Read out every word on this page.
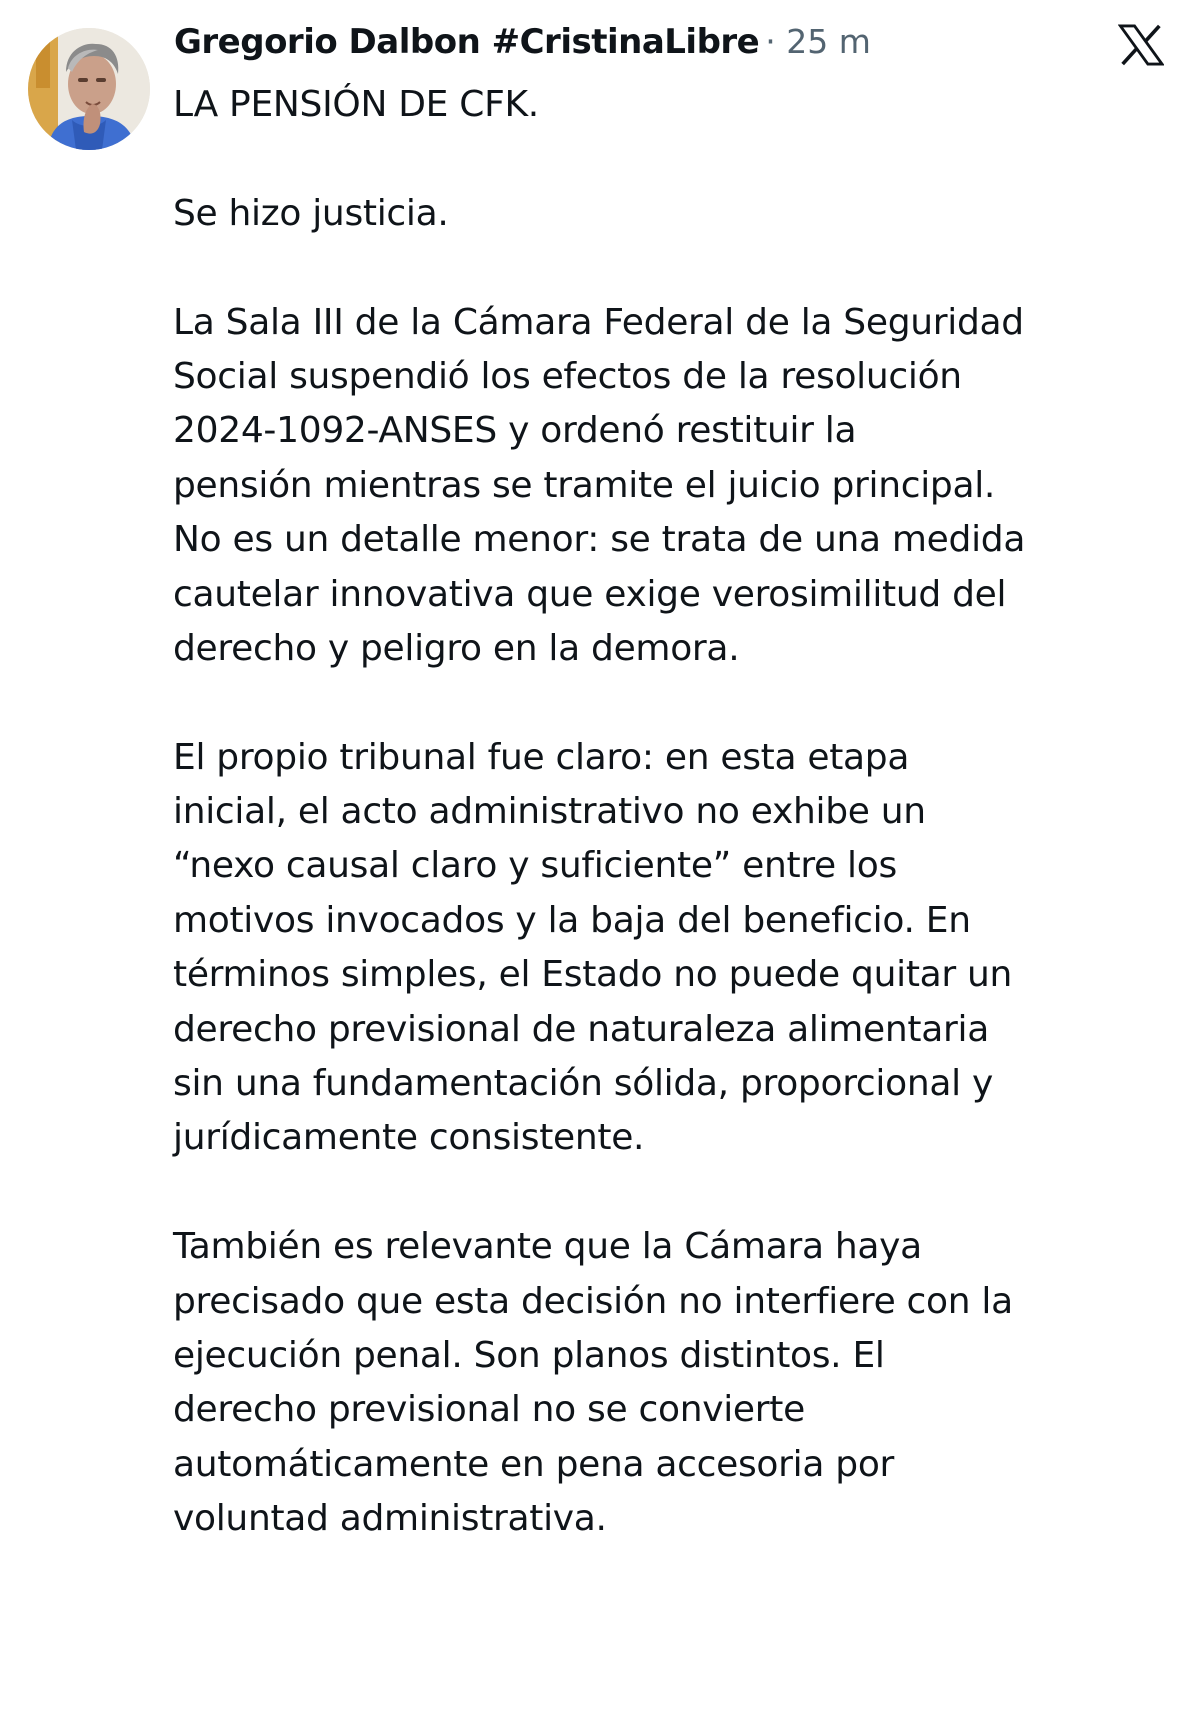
Gregorio Dalbon #CristinaLibre · 25 m
LA PENSIÓN DE CFK.
Se hizo justicia.
La Sala III de la Cámara Federal de la Seguridad
Social suspendió los efectos de la resolución
2024-1092-ANSES y ordenó restituir la
pensión mientras se tramite el juicio principal.
No es un detalle menor: se trata de una medida
cautelar innovativa que exige verosimilitud del
derecho y peligro en la demora.
El propio tribunal fue claro: en esta etapa
inicial, el acto administrativo no exhibe un
“nexo causal claro y suficiente” entre los
motivos invocados y la baja del beneficio. En
términos simples, el Estado no puede quitar un
derecho previsional de naturaleza alimentaria
sin una fundamentación sólida, proporcional y
jurídicamente consistente.
También es relevante que la Cámara haya
precisado que esta decisión no interfiere con la
ejecución penal. Son planos distintos. El
derecho previsional no se convierte
automáticamente en pena accesoria por
voluntad administrativa.
